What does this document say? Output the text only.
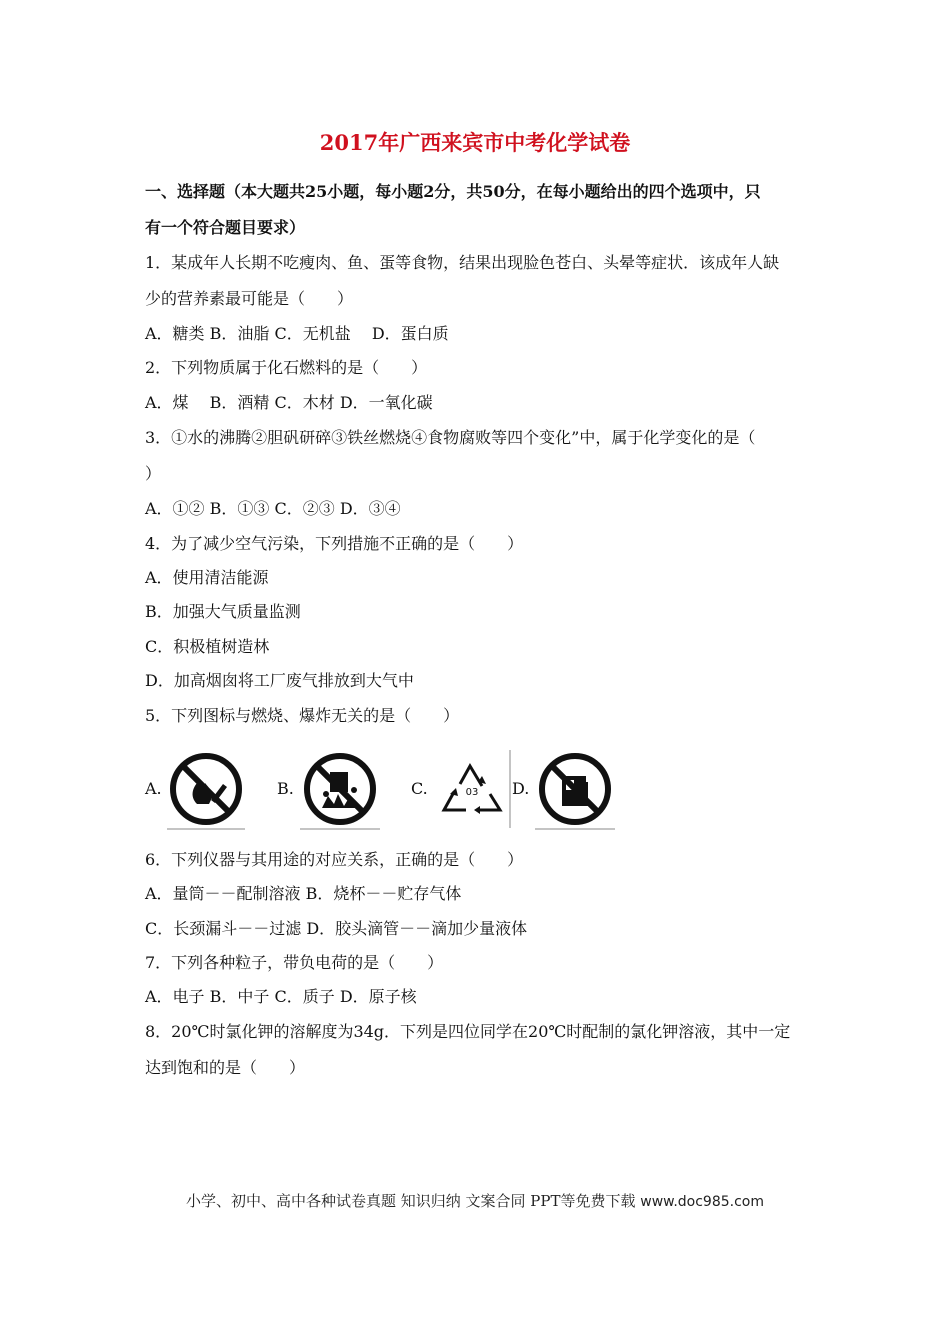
2017年广西来宾市中考化学试卷
一、选择题（本大题共25小题，每小题2分，共50分，在每小题给出的四个选项中，只
有一个符合题目要求）
1．某成年人长期不吃瘦肉、鱼、蛋等食物，结果出现脸色苍白、头晕等症状．该成年人缺
少的营养素最可能是（　　）
A．糖类 B．油脂 C．无机盐　 D．蛋白质
2．下列物质属于化石燃料的是（　　）
A．煤　 B．酒精 C．木材 D．一氧化碳
3．①水的沸腾②胆矾研碎③铁丝燃烧④食物腐败等四个变化”中，属于化学变化的是（
）
A．①② B．①③ C．②③ D．③④
4．为了减少空气污染，下列措施不正确的是（　　）
A．使用清洁能源
B．加强大气质量监测
C．积极植树造林
D．加高烟囱将工厂废气排放到大气中
5．下列图标与燃烧、爆炸无关的是（　　）
A.	B.	C.	D.
03
6．下列仪器与其用途的对应关系，正确的是（　　）
A．量筒－－配制溶液 B．烧杯－－贮存气体
C．长颈漏斗－－过滤 D．胶头滴管－－滴加少量液体
7．下列各种粒子，带负电荷的是（　　）
A．电子 B．中子 C．质子 D．原子核
8．20℃时氯化钾的溶解度为34g．下列是四位同学在20℃时配制的氯化钾溶液，其中一定
达到饱和的是（　　）
小学、初中、高中各种试卷真题 知识归纳 文案合同 PPT等免费下载 www.doc985.com
